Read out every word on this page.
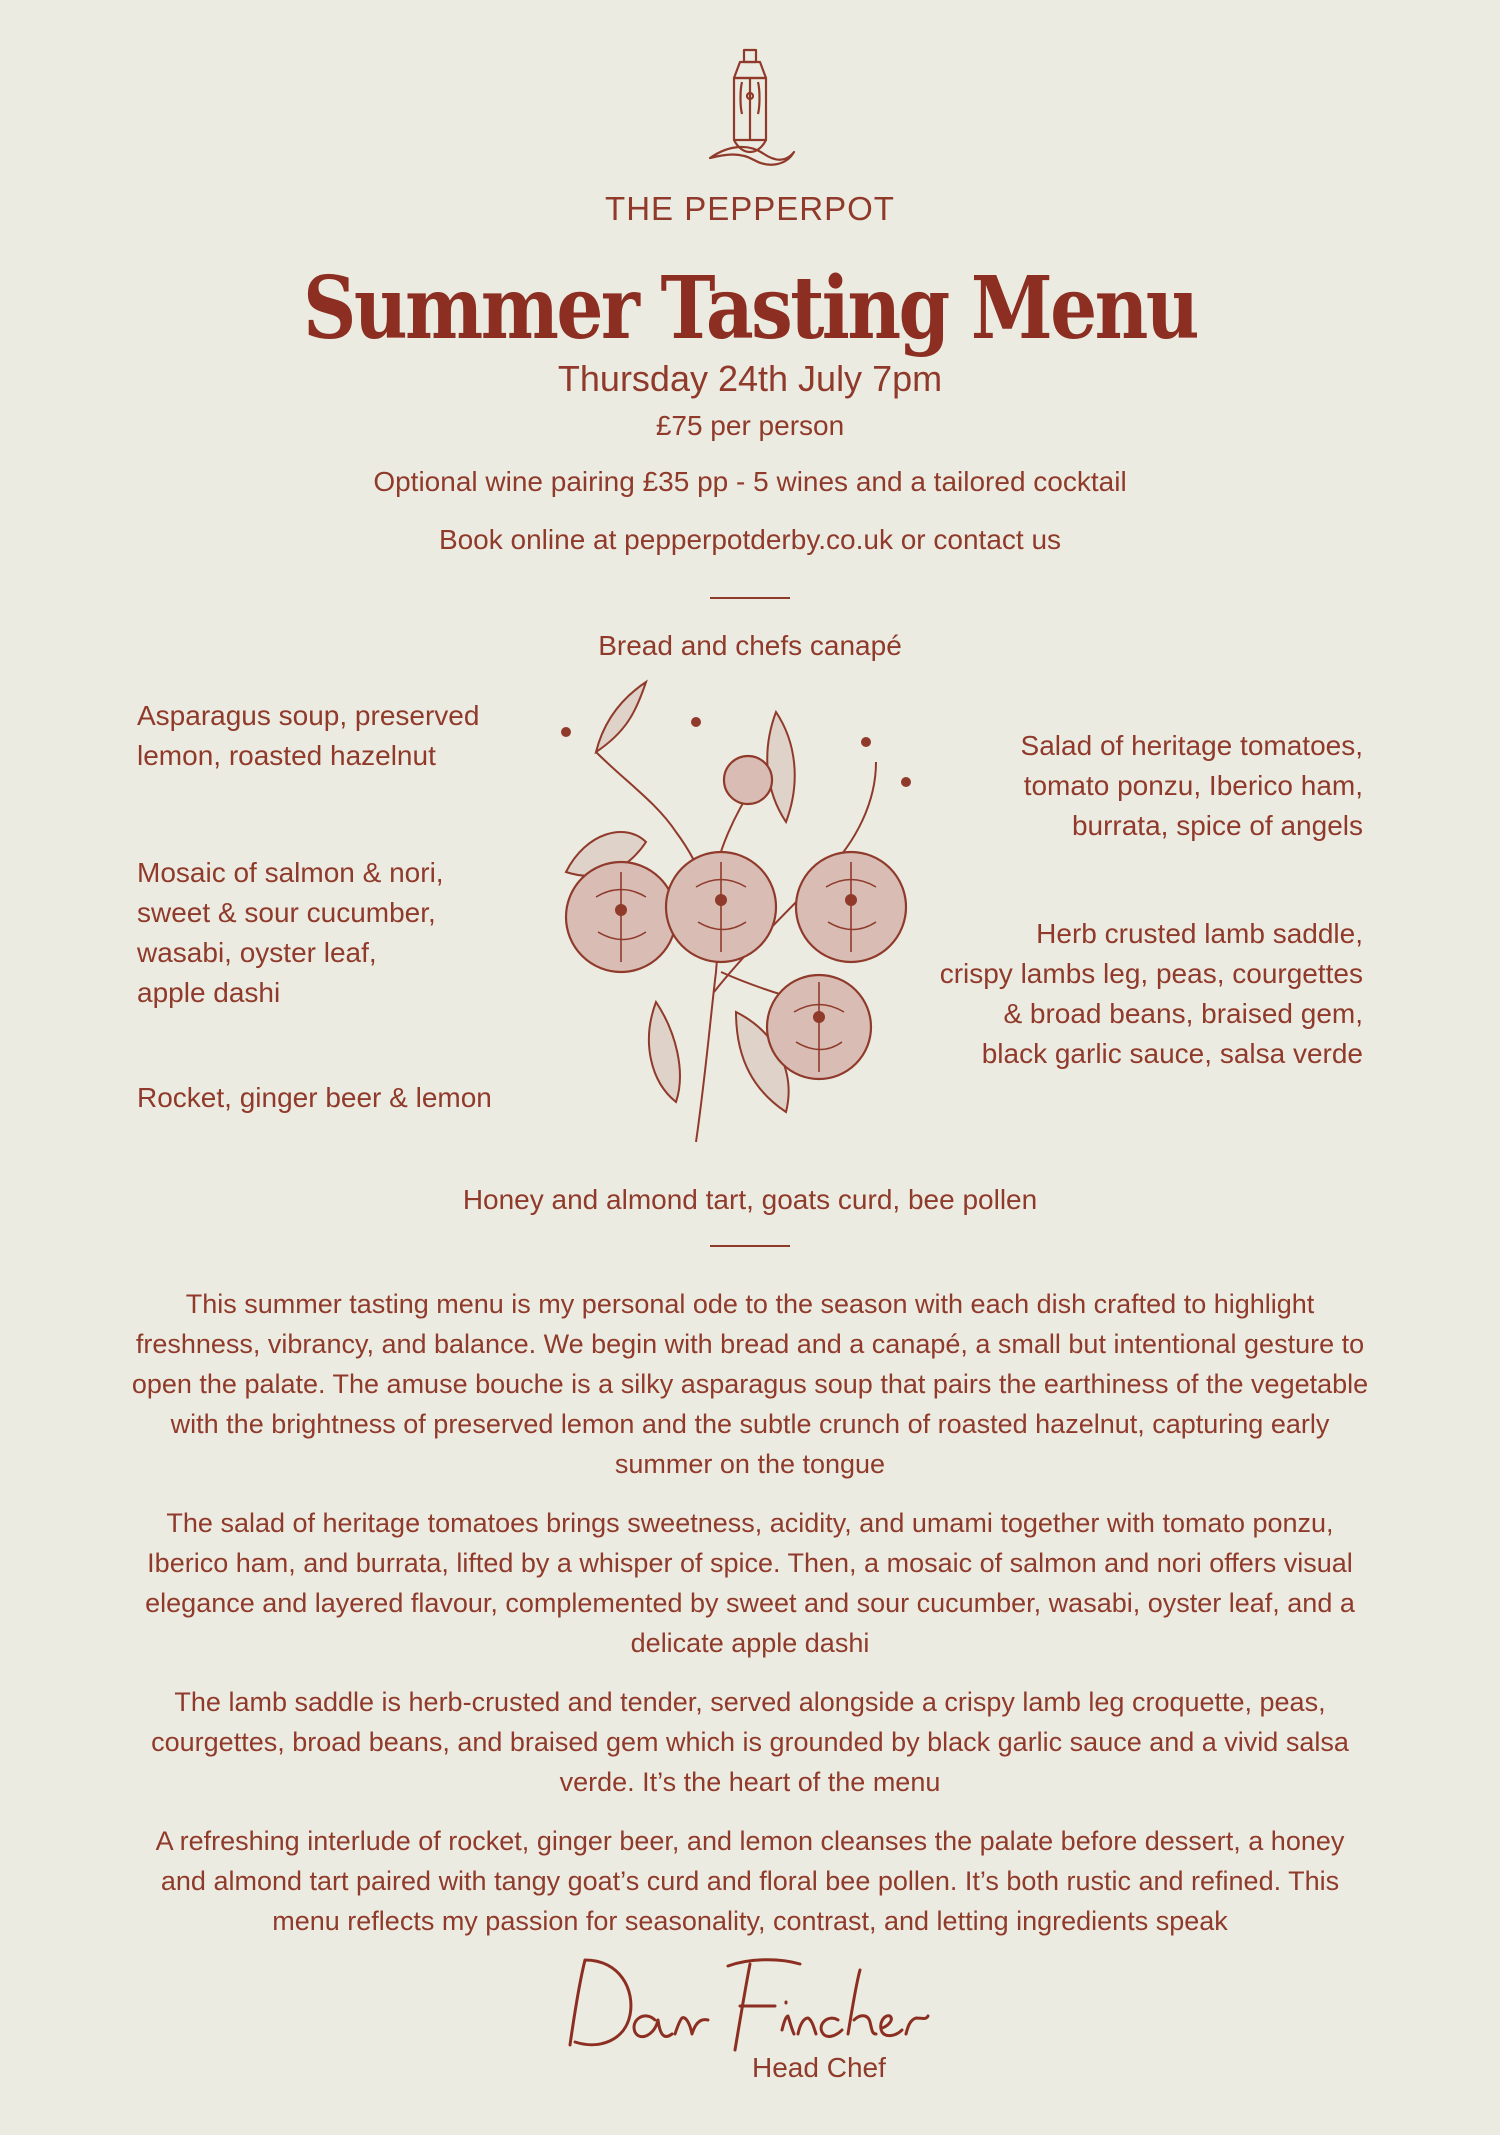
THE PEPPERPOT
Summer Tasting Menu
Thursday 24th July 7pm
£75 per person
Optional wine pairing £35 pp - 5 wines and a tailored cocktail
Book online at pepperpotderby.co.uk or contact us
Bread and chefs canapé
Asparagus soup, preserved
lemon, roasted hazelnut
Mosaic of salmon & nori,
sweet & sour cucumber,
wasabi, oyster leaf,
apple dashi
Rocket, ginger beer & lemon
Salad of heritage tomatoes,
tomato ponzu, Iberico ham,
burrata, spice of angels
Herb crusted lamb saddle,
crispy lambs leg, peas, courgettes
& broad beans, braised gem,
black garlic sauce, salsa verde
Honey and almond tart, goats curd, bee pollen
This summer tasting menu is my personal ode to the season with each dish crafted to highlight freshness, vibrancy, and balance. We begin with bread and a canapé, a small but intentional gesture to open the palate. The amuse bouche is a silky asparagus soup that pairs the earthiness of the vegetable with the brightness of preserved lemon and the subtle crunch of roasted hazelnut, capturing early summer on the tongue
The salad of heritage tomatoes brings sweetness, acidity, and umami together with tomato ponzu, Iberico ham, and burrata, lifted by a whisper of spice. Then, a mosaic of salmon and nori offers visual elegance and layered flavour, complemented by sweet and sour cucumber, wasabi, oyster leaf, and a delicate apple dashi
The lamb saddle is herb-crusted and tender, served alongside a crispy lamb leg croquette, peas, courgettes, broad beans, and braised gem which is grounded by black garlic sauce and a vivid salsa verde. It’s the heart of the menu
A refreshing interlude of rocket, ginger beer, and lemon cleanses the palate before dessert, a honey and almond tart paired with tangy goat’s curd and floral bee pollen. It’s both rustic and refined. This menu reflects my passion for seasonality, contrast, and letting ingredients speak
Head Chef
